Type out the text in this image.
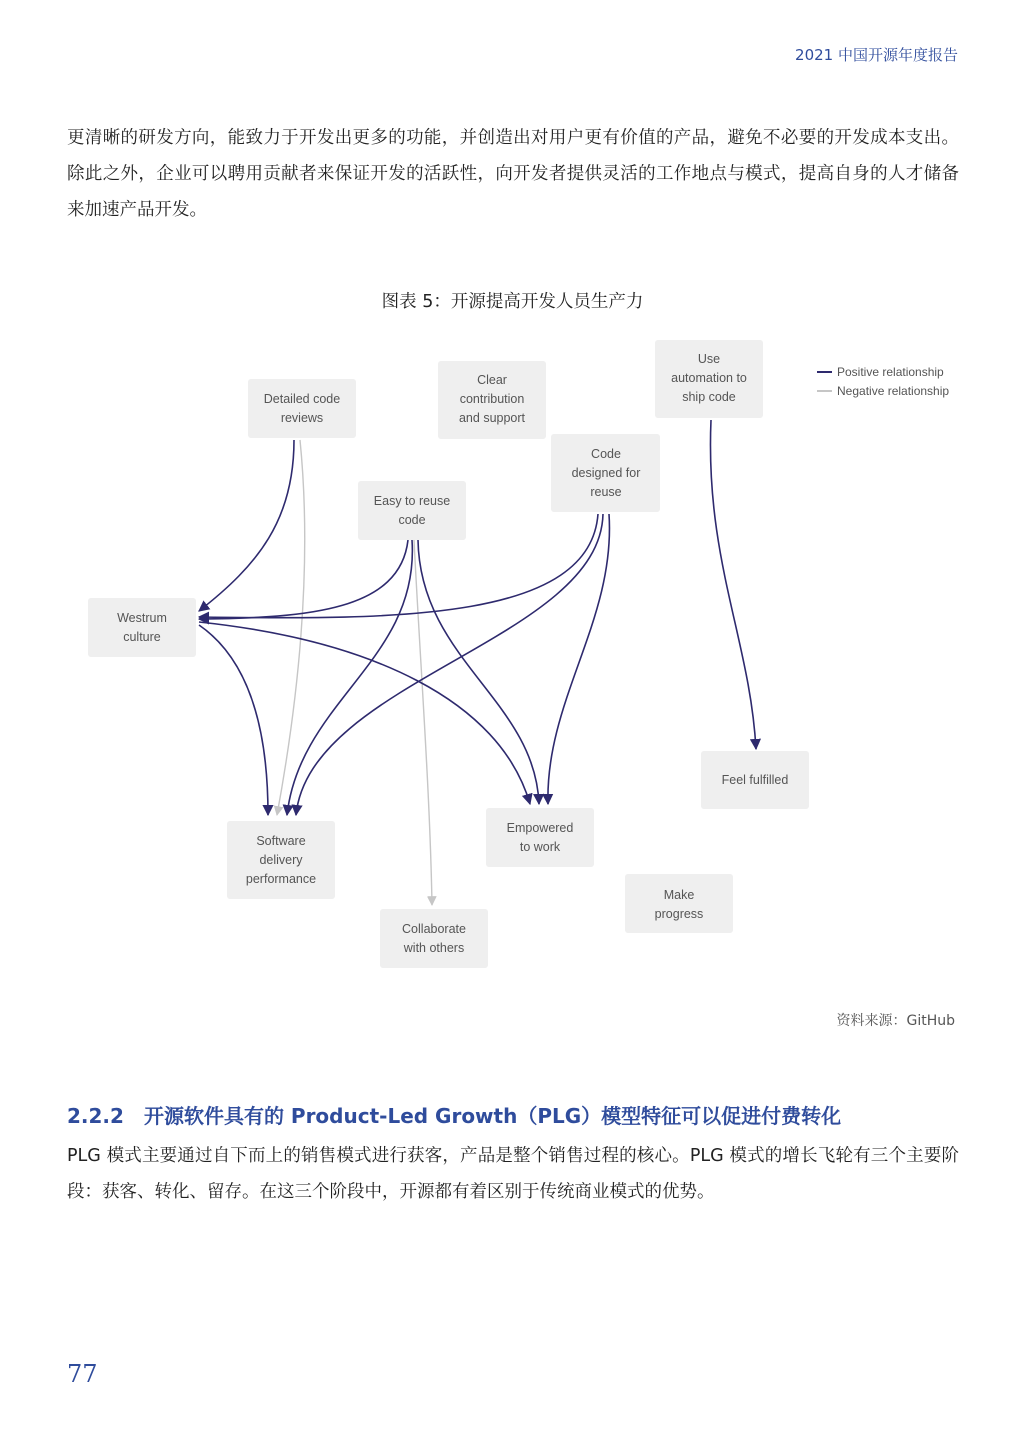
2021 中国开源年度报告
更清晰的研发方向，能致力于开发出更多的功能，并创造出对用户更有价值的产品，避免不必要的开发成本支出。除此之外，企业可以聘用贡献者来保证开发的活跃性，向开发者提供灵活的工作地点与模式，提高自身的人才储备来加速产品开发。
图表 5：开源提高开发人员生产力
Detailed code
reviews
Clear
contribution
and support
Use
automation to
ship code
Code
designed for
reuse
Easy to reuse
code
Westrum
culture
Feel fulfilled
Software
delivery
performance
Empowered
to work
Make
progress
Collaborate
with others
Positive relationship
Negative relationship
资料来源：GitHub
2.2.2 开源软件具有的 Product-Led Growth（PLG）模型特征可以促进付费转化
PLG 模式主要通过自下而上的销售模式进行获客，产品是整个销售过程的核心。PLG 模式的增长飞轮有三个主要阶段：获客、转化、留存。在这三个阶段中，开源都有着区别于传统商业模式的优势。
77
